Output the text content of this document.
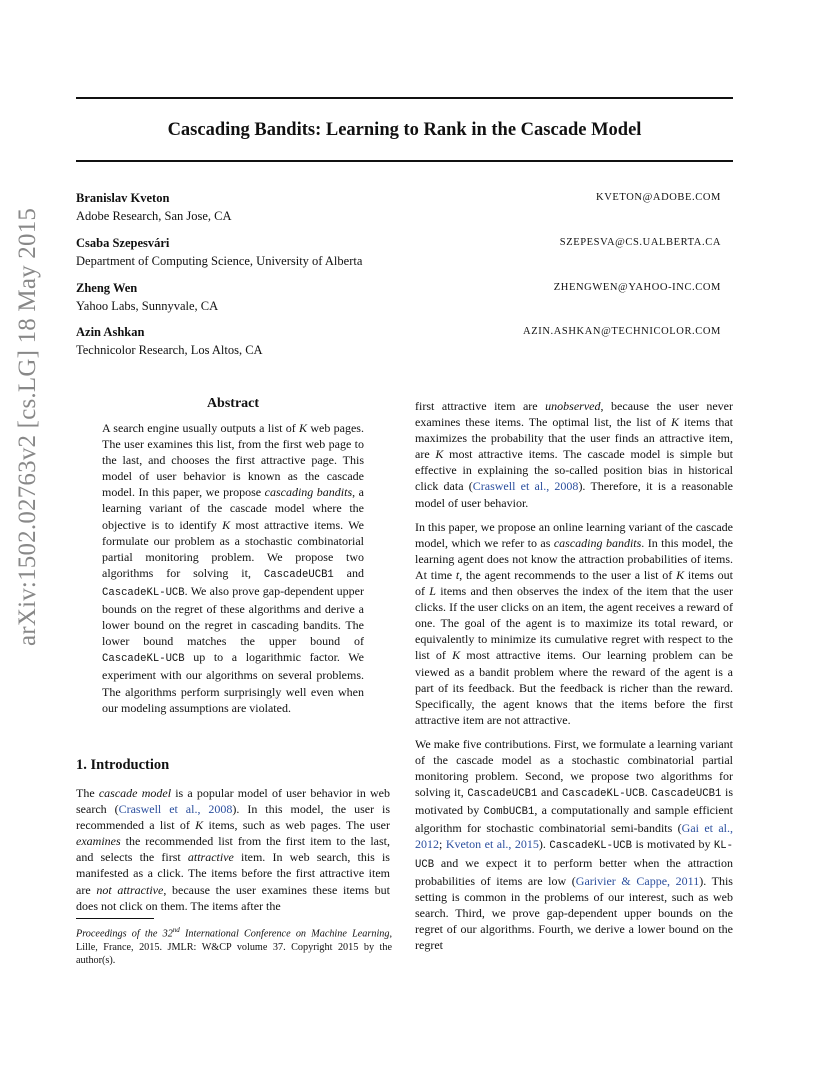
arXiv:1502.02763v2 [cs.LG] 18 May 2015
Cascading Bandits: Learning to Rank in the Cascade Model
Branislav Kveton
Adobe Research, San Jose, CA
KVETON@ADOBE.COM
Csaba Szepesvári
Department of Computing Science, University of Alberta
SZEPESVA@CS.UALBERTA.CA
Zheng Wen
Yahoo Labs, Sunnyvale, CA
ZHENGWEN@YAHOO-INC.COM
Azin Ashkan
Technicolor Research, Los Altos, CA
AZIN.ASHKAN@TECHNICOLOR.COM
Abstract
A search engine usually outputs a list of K web pages. The user examines this list, from the first web page to the last, and chooses the first attractive page. This model of user behavior is known as the cascade model. In this paper, we propose cascading bandits, a learning variant of the cascade model where the objective is to identify K most attractive items. We formulate our problem as a stochastic combinatorial partial monitoring problem. We propose two algorithms for solving it, CascadeUCB1 and CascadeKL-UCB. We also prove gap-dependent upper bounds on the regret of these algorithms and derive a lower bound on the regret in cascading bandits. The lower bound matches the upper bound of CascadeKL-UCB up to a logarithmic factor. We experiment with our algorithms on several problems. The algorithms perform surprisingly well even when our modeling assumptions are violated.
1. Introduction
The cascade model is a popular model of user behavior in web search (Craswell et al., 2008). In this model, the user is recommended a list of K items, such as web pages. The user examines the recommended list from the first item to the last, and selects the first attractive item. In web search, this is manifested as a click. The items before the first attractive item are not attractive, because the user examines these items but does not click on them. The items after the
Proceedings of the 32nd International Conference on Machine Learning, Lille, France, 2015. JMLR: W&CP volume 37. Copyright 2015 by the author(s).

first attractive item are unobserved, because the user never examines these items. The optimal list, the list of K items that maximizes the probability that the user finds an attractive item, are K most attractive items. The cascade model is simple but effective in explaining the so-called position bias in historical click data (Craswell et al., 2008). Therefore, it is a reasonable model of user behavior.

In this paper, we propose an online learning variant of the cascade model, which we refer to as cascading bandits. In this model, the learning agent does not know the attraction probabilities of items. At time t, the agent recommends to the user a list of K items out of L items and then observes the index of the item that the user clicks. If the user clicks on an item, the agent receives a reward of one. The goal of the agent is to maximize its total reward, or equivalently to minimize its cumulative regret with respect to the list of K most attractive items. Our learning problem can be viewed as a bandit problem where the reward of the agent is a part of its feedback. But the feedback is richer than the reward. Specifically, the agent knows that the items before the first attractive item are not attractive.

We make five contributions. First, we formulate a learning variant of the cascade model as a stochastic combinatorial partial monitoring problem. Second, we propose two algorithms for solving it, CascadeUCB1 and CascadeKL-UCB. CascadeUCB1 is motivated by CombUCB1, a computationally and sample efficient algorithm for stochastic combinatorial semi-bandits (Gai et al., 2012; Kveton et al., 2015). CascadeKL-UCB is motivated by KL-UCB and we expect it to perform better when the attraction probabilities of items are low (Garivier & Cappe, 2011). This setting is common in the problems of our interest, such as web search. Third, we prove gap-dependent upper bounds on the regret of our algorithms. Fourth, we derive a lower bound on the regret
